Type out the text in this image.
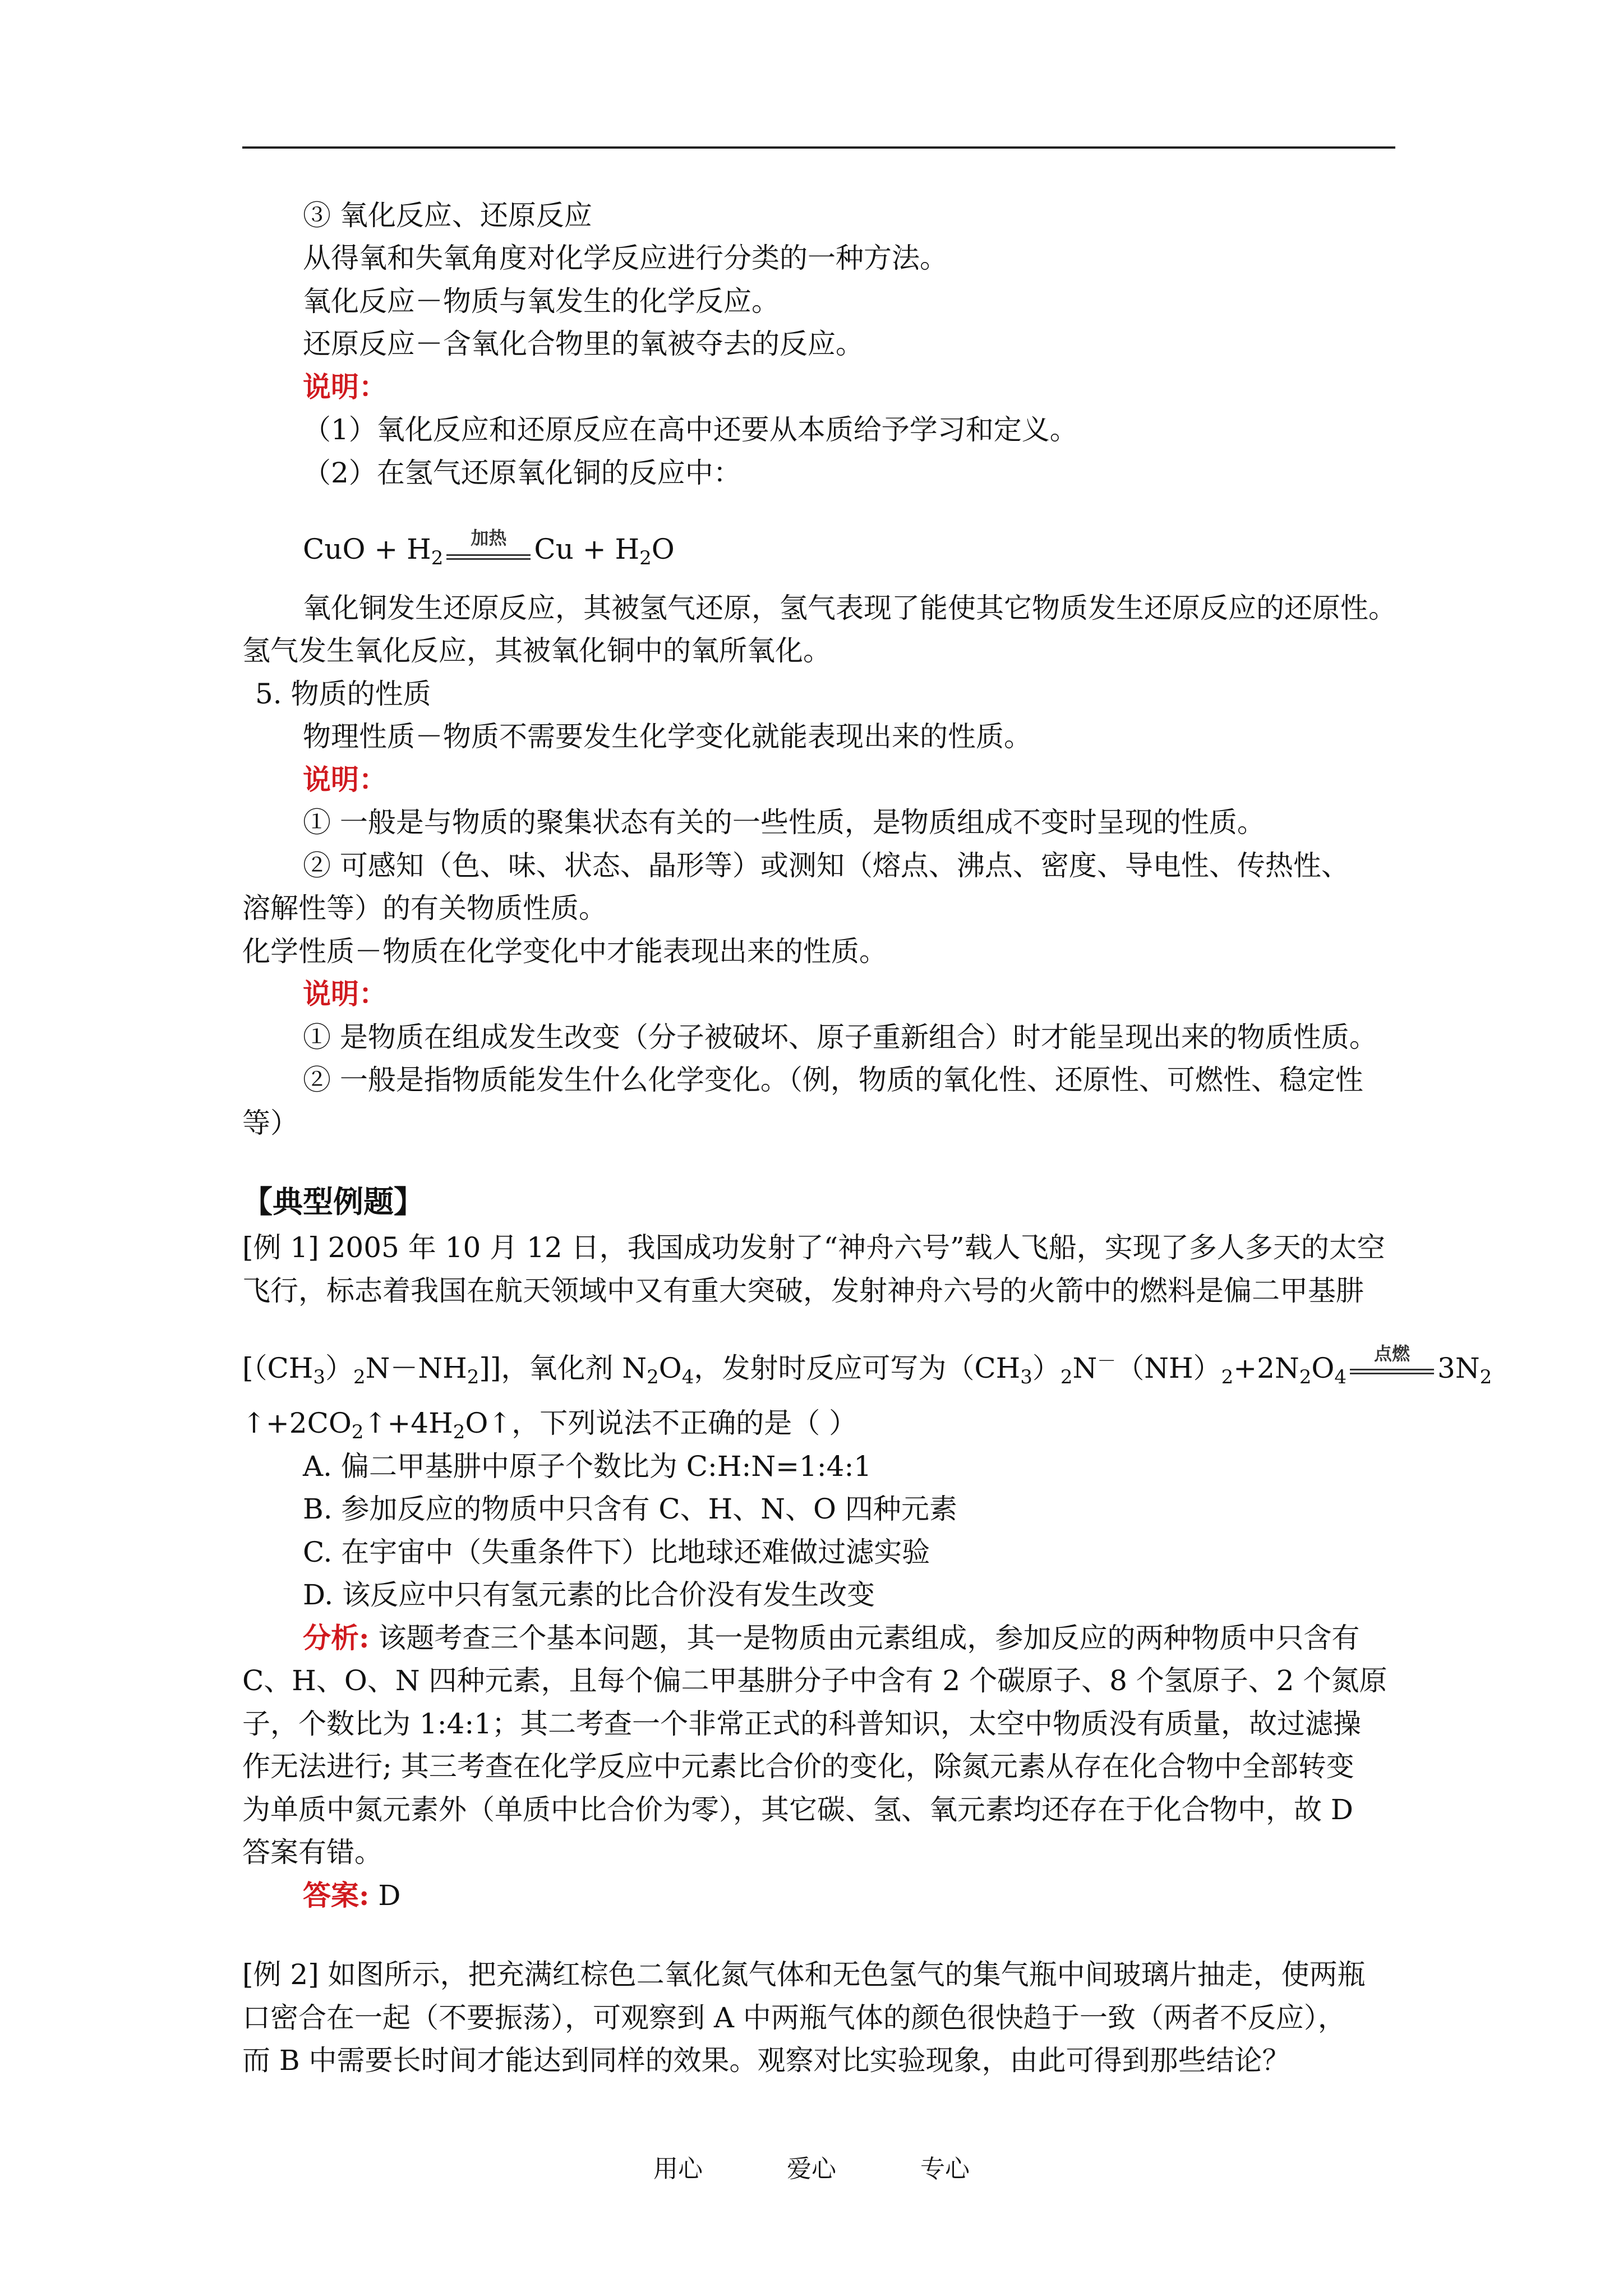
③ 氧化反应、还原反应
从得氧和失氧角度对化学反应进行分类的一种方法。
氧化反应－物质与氧发生的化学反应。
还原反应－含氧化合物里的氧被夺去的反应。
说明：
（1）氧化反应和还原反应在高中还要从本质给予学习和定义。
（2）在氢气还原氧化铜的反应中：
CuO + $H_2$
加热 $Cu + H_2O$
氧化铜发生还原反应，其被氢气还原，氢气表现了能使其它物质发生还原反应的还原性。
氢气发生氧化反应，其被氧化铜中的氧所氧化。
5. 物质的性质
物理性质－物质不需要发生化学变化就能表现出来的性质。
说明：
① 一般是与物质的聚集状态有关的一些性质，是物质组成不变时呈现的性质。
② 可感知（色、味、状态、晶形等）或测知（熔点、沸点、密度、导电性、传热性、
溶解性等）的有关物质性质。
化学性质－物质在化学变化中才能表现出来的性质。
说明：
① 是物质在组成发生改变（分子被破坏、原子重新组合）时才能呈现出来的物质性质。
② 一般是指物质能发生什么化学变化。（例，物质的氧化性、还原性、可燃性、稳定性
等）
【典型例题】
[例 1] 2005 年 10 月 12 日，我国成功发射了“神舟六号”载人飞船，实现了多人多天的太空
飞行，标志着我国在航天领域中又有重大突破，发射神舟六号的火箭中的燃料是偏二甲基肼
$[(CH_3)_2N-NH_2]$]，氧化剂 $N_2O_4$，发射时反应可写为$(CH_3)_2N^-(NH)_2+2N_2O_4$
点燃 $3N_2$
$↑+2CO_2↑+4H_2O↑$，下列说法不正确的是（ ）
A. 偏二甲基肼中原子个数比为 C:H:N=1:4:1
B. 参加反应的物质中只含有 C、H、N、O 四种元素
C. 在宇宙中（失重条件下）比地球还难做过滤实验
D. 该反应中只有氢元素的比合价没有发生改变
分析: 该题考查三个基本问题，其一是物质由元素组成，参加反应的两种物质中只含有
C、H、O、N 四种元素，且每个偏二甲基肼分子中含有 2 个碳原子、8 个氢原子、2 个氮原
子，个数比为 1:4:1；其二考查一个非常正式的科普知识，太空中物质没有质量，故过滤操
作无法进行; 其三考查在化学反应中元素比合价的变化，除氮元素从存在化合物中全部转变
为单质中氮元素外（单质中比合价为零），其它碳、氢、氧元素均还存在于化合物中，故 D
答案有错。
答案: D
[例 2] 如图所示，把充满红棕色二氧化氮气体和无色氢气的集气瓶中间玻璃片抽走，使两瓶
口密合在一起（不要振荡），可观察到 A 中两瓶气体的颜色很快趋于一致（两者不反应），
而 B 中需要长时间才能达到同样的效果。观察对比实验现象，由此可得到那些结论？
用心	爱心	专心
